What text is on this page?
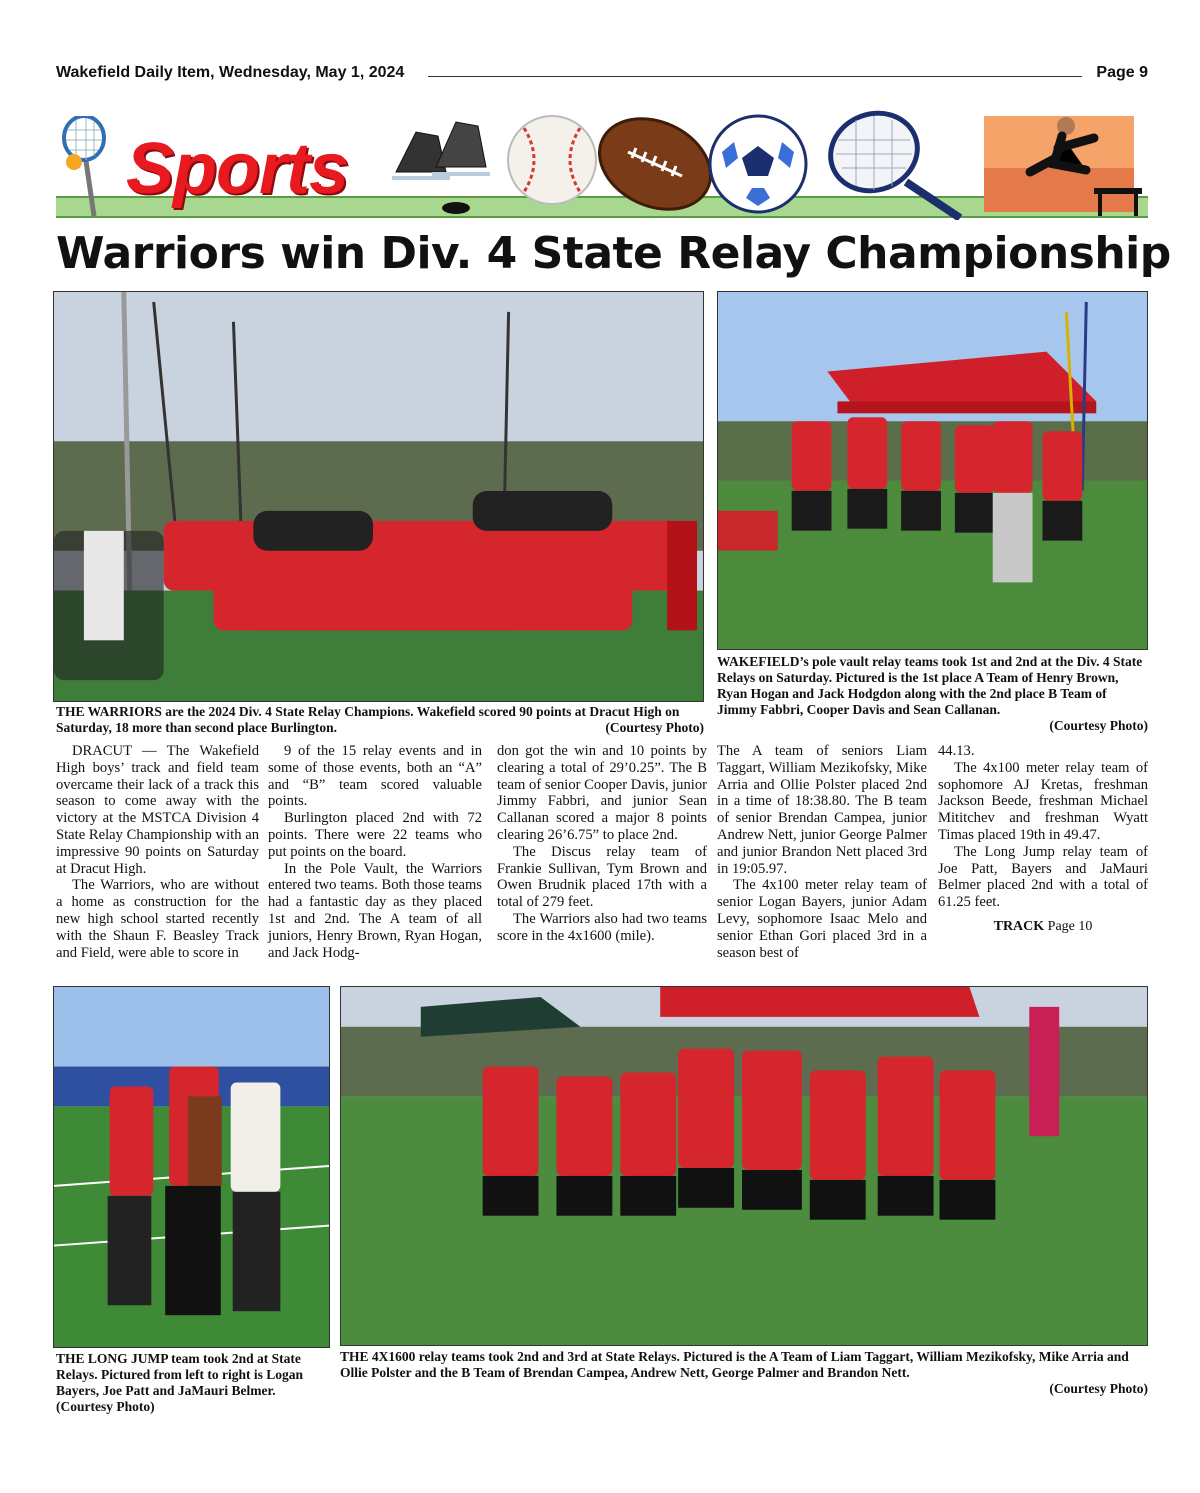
Wakefield Daily Item, Wednesday, May 1, 2024	Page 9
Sports
Warriors win Div. 4 State Relay Championship
THE WARRIORS are the 2024 Div. 4 State Relay Champions. Wakefield scored 90 points at Dracut High on Saturday, 18 more than second place Burlington.	(Courtesy Photo)
WAKEFIELD’s pole vault relay teams took 1st and 2nd at the Div. 4 State Relays on Saturday. Pictured is the 1st place A Team of Henry Brown, Ryan Hogan and Jack Hodgdon along with the 2nd place B Team of Jimmy Fabbri, Cooper Davis and Sean Callanan.
(Courtesy Photo)

DRACUT — The Wakefield High boys’ track and field team overcame their lack of a track this season to come away with the victory at the MSTCA Division 4 State Relay Championship with an impressive 90 points on Saturday at Dracut High.

The Warriors, who are without a home as construction for the new high school started recently with the Shaun F. Beasley Track and Field, were able to score in

9 of the 15 relay events and in some of those events, both an “A” and “B” team scored valuable points.

Burlington placed 2nd with 72 points. There were 22 teams who put points on the board.

In the Pole Vault, the Warriors entered two teams. Both those teams had a fantastic day as they placed 1st and 2nd. The A team of all juniors, Henry Brown, Ryan Hogan, and Jack Hodg-

don got the win and 10 points by clearing a total of 29’0.25”. The B team of senior Cooper Davis, junior Jimmy Fabbri, and junior Sean Callanan scored a major 8 points clearing 26’6.75” to place 2nd.

The Discus relay team of Frankie Sullivan, Tym Brown and Owen Brudnik placed 17th with a total of 279 feet.

The Warriors also had two teams score in the 4x1600 (mile).

The A team of seniors Liam Taggart, William Mezikofsky, Mike Arria and Ollie Polster placed 2nd in a time of 18:38.80. The B team of senior Brendan Campea, junior Andrew Nett, junior George Palmer and junior Brandon Nett placed 3rd in 19:05.97.

The 4x100 meter relay team of senior Logan Bayers, junior Adam Levy, sophomore Isaac Melo and senior Ethan Gori placed 3rd in a season best of

44.13.

The 4x100 meter relay team of sophomore AJ Kretas, freshman Jackson Beede, freshman Michael Mititchev and freshman Wyatt Timas placed 19th in 49.47.

The Long Jump relay team of Joe Patt, Bayers and JaMauri Belmer placed 2nd with a total of 61.25 feet.

TRACK Page 10
THE LONG JUMP team took 2nd at State Relays. Pictured from left to right is Logan Bayers, Joe Patt and JaMauri Belmer.
(Courtesy Photo)
THE 4X1600 relay teams took 2nd and 3rd at State Relays. Pictured is the A Team of Liam Taggart, William Mezikofsky, Mike Arria and Ollie Polster and the B Team of Brendan Campea, Andrew Nett, George Palmer and Brandon Nett.
(Courtesy Photo)
